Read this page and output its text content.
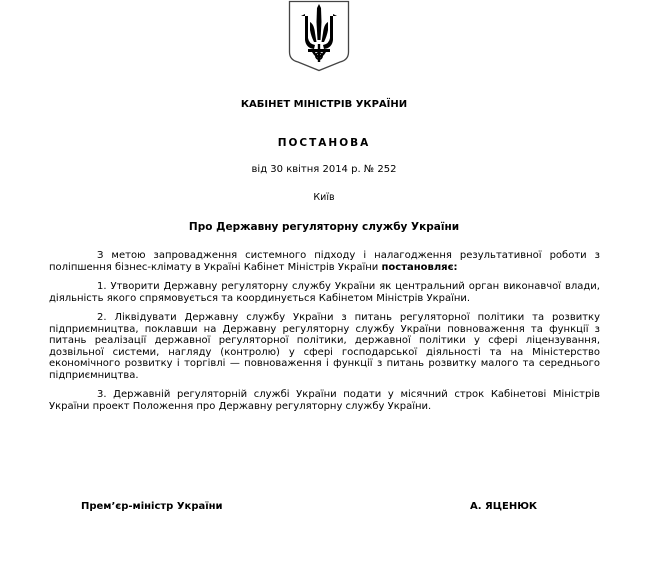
КАБІНЕТ МІНІСТРІВ УКРАЇНИ
ПОСТАНОВА
від 30 квітня 2014 р. № 252
Київ
Про Державну регуляторну службу України

З метою запровадження системного підходу і налагодження результативної роботи з поліпшення бізнес-клімату в Україні Кабінет Міністрів України постановляє:

1. Утворити Державну регуляторну службу України як центральний орган виконавчої влади, діяльність якого спрямовується та координується Кабінетом Міністрів України.

2. Ліквідувати Державну службу України з питань регуляторної політики та розвитку підприємництва, поклавши на Державну регуляторну службу України повноваження та функції з питань реалізації державної регуляторної політики, державної політики у сфері ліцензування, дозвільної системи, нагляду (контролю) у сфері господарської діяльності та на Міністерство економічного розвитку і торгівлі — повноваження і функції з питань розвитку малого та середнього підприємництва.

3. Державній регуляторній службі України подати у місячний строк Кабінетові Міністрів України проект Положення про Державну регуляторну службу України.

Прем’єр-міністр України	А. ЯЦЕНЮК
